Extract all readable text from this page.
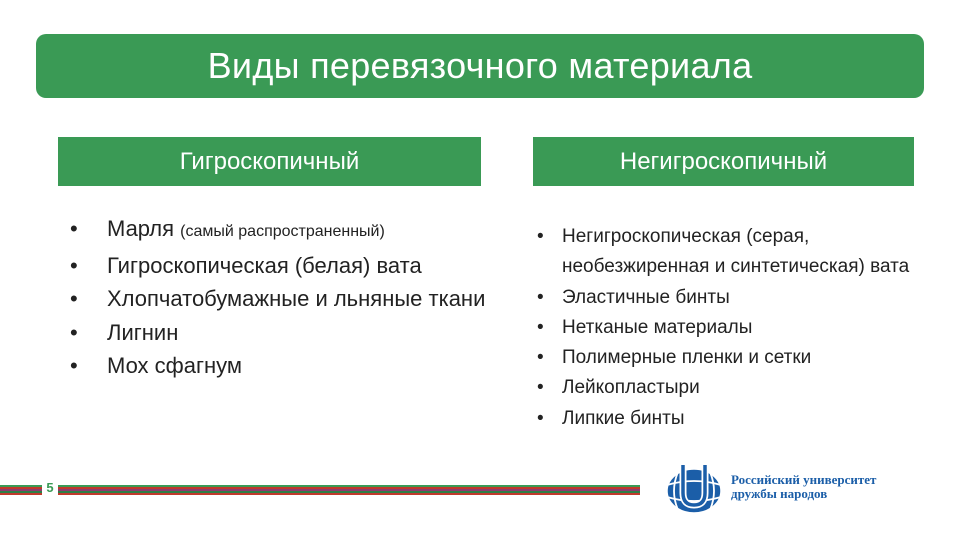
Виды перевязочного материала
Гигроскопичный	Негигроскопичный
• Марля (самый распространенный)
• Гигроскопическая (белая) вата
• Хлопчатобумажные и льняные ткани
• Лигнин
• Мох сфагнум
• Негигроскопическая (серая, необезжиренная и синтетическая) вата
• Эластичные бинты
• Нетканые материалы
• Полимерные пленки и сетки
• Лейкопластыри
• Липкие бинты
5
Российский университет
дружбы народов
